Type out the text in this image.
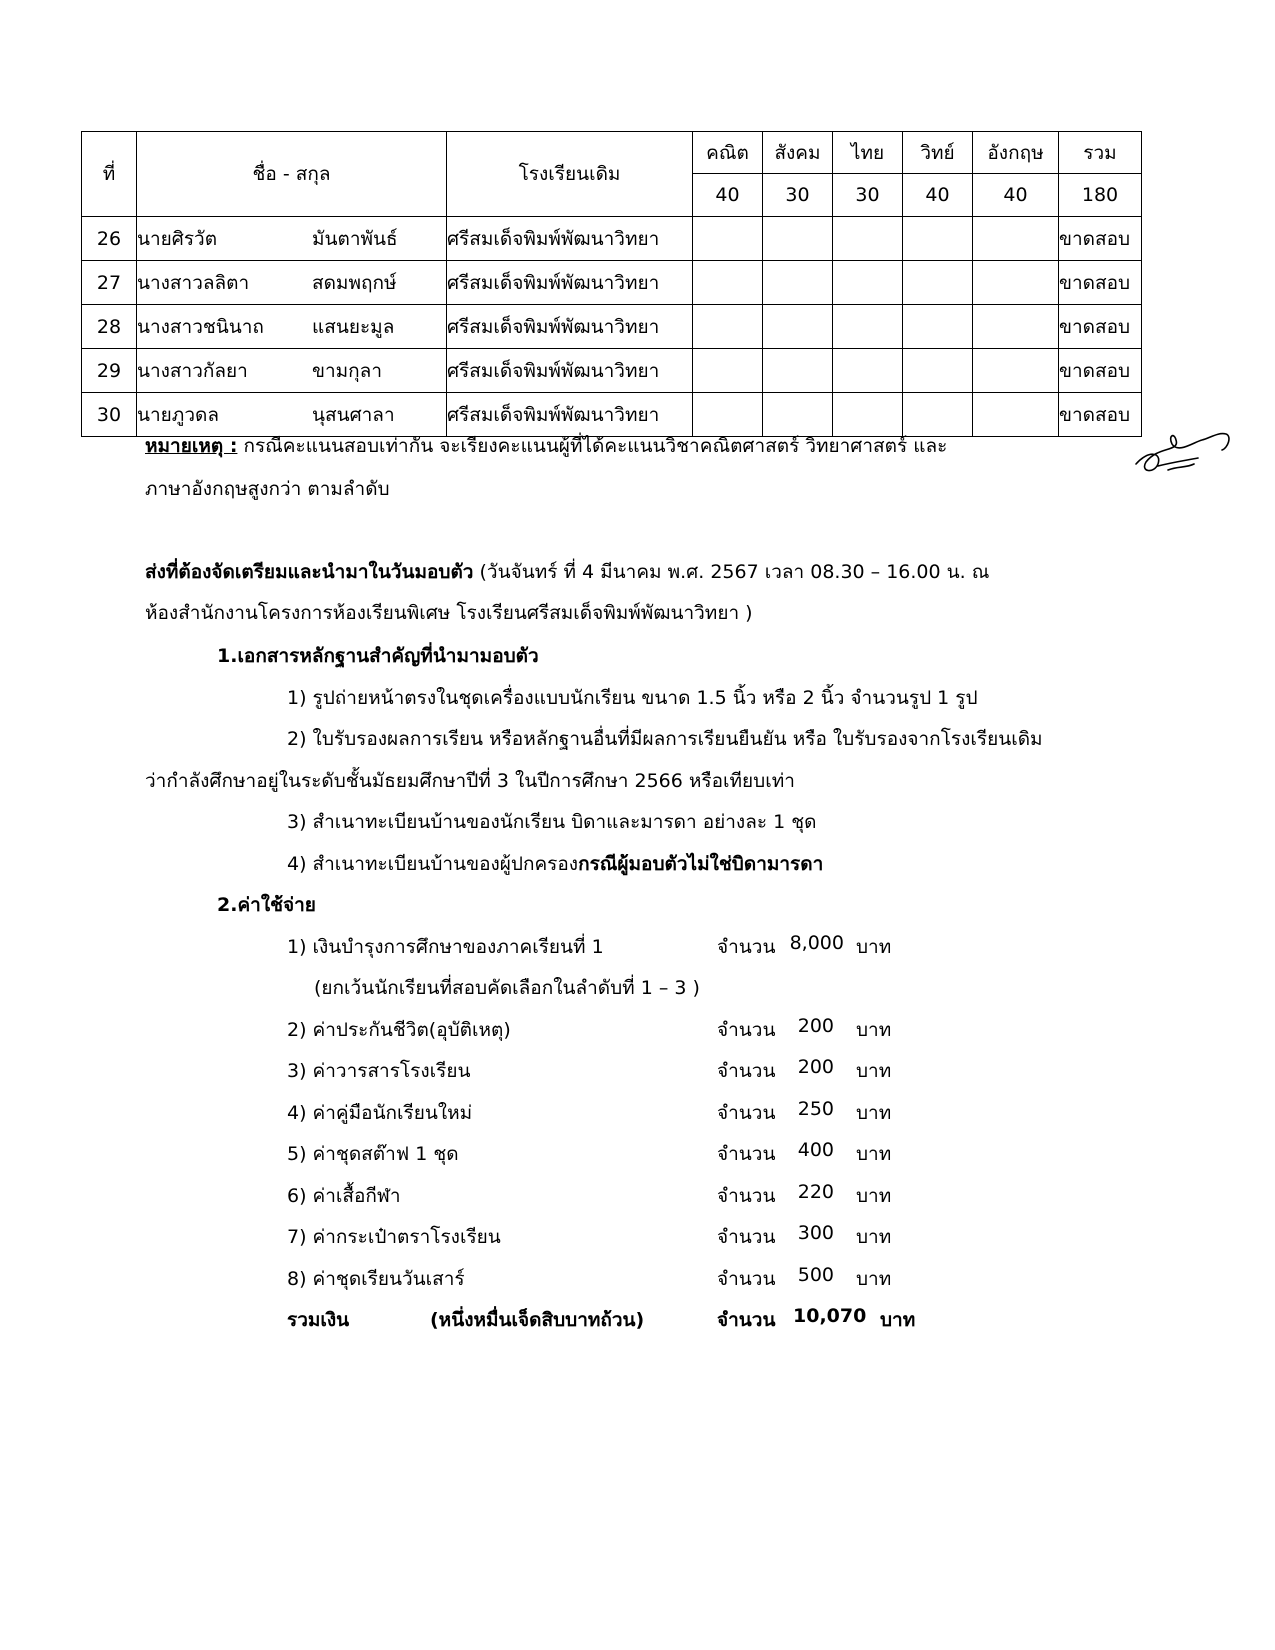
ที่	ชื่อ - สกุล	โรงเรียนเดิม	คณิต	สังคม	ไทย	วิทย์	อังกฤษ	รวม
			40	30	30	40	40	180
26	นายศิรวัต มันตาพันธ์	ศรีสมเด็จพิมพ์พัฒนาวิทยา						ขาดสอบ
27	นางสาวลลิตา สดมพฤกษ์	ศรีสมเด็จพิมพ์พัฒนาวิทยา						ขาดสอบ
28	นางสาวชนินาถ แสนยะมูล	ศรีสมเด็จพิมพ์พัฒนาวิทยา						ขาดสอบ
29	นางสาวกัลยา ขามกุลา	ศรีสมเด็จพิมพ์พัฒนาวิทยา						ขาดสอบ
30	นายภูวดล นุสนศาลา	ศรีสมเด็จพิมพ์พัฒนาวิทยา						ขาดสอบ
หมายเหตุ : กรณีคะแนนสอบเท่ากัน จะเรียงคะแนนผู้ที่ได้คะแนนวิชาคณิตศาสตร์ วิทยาศาสตร์ และ
ภาษาอังกฤษสูงกว่า ตามลำดับ
ส่งที่ต้องจัดเตรียมและนำมาในวันมอบตัว (วันจันทร์ ที่ 4 มีนาคม พ.ศ. 2567 เวลา 08.30 – 16.00 น. ณ
ห้องสำนักงานโครงการห้องเรียนพิเศษ โรงเรียนศรีสมเด็จพิมพ์พัฒนาวิทยา )
1.เอกสารหลักฐานสำคัญที่นำมามอบตัว
1) รูปถ่ายหน้าตรงในชุดเครื่องแบบนักเรียน ขนาด 1.5 นิ้ว หรือ 2 นิ้ว จำนวนรูป 1 รูป
2) ใบรับรองผลการเรียน หรือหลักฐานอื่นที่มีผลการเรียนยืนยัน หรือ ใบรับรองจากโรงเรียนเดิม
ว่ากำลังศึกษาอยู่ในระดับชั้นมัธยมศึกษาปีที่ 3 ในปีการศึกษา 2566 หรือเทียบเท่า
3) สำเนาทะเบียนบ้านของนักเรียน บิดาและมารดา อย่างละ 1 ชุด
4) สำเนาทะเบียนบ้านของผู้ปกครองกรณีผู้มอบตัวไม่ใช่บิดามารดา
2.ค่าใช้จ่าย
1) เงินบำรุงการศึกษาของภาคเรียนที่ 1	จำนวน 8,000 บาท
(ยกเว้นนักเรียนที่สอบคัดเลือกในลำดับที่ 1 – 3 )
2) ค่าประกันชีวิต(อุบัติเหตุ)	จำนวน	200 บาท
3) ค่าวารสารโรงเรียน	จำนวน	200 บาท
4) ค่าคู่มือนักเรียนใหม่	จำนวน	250 บาท
5) ค่าชุดสต๊าฟ 1 ชุด	จำนวน	400 บาท
6) ค่าเสื้อกีฬา	จำนวน	220 บาท
7) ค่ากระเป๋าตราโรงเรียน	จำนวน	300 บาท
8) ค่าชุดเรียนวันเสาร์	จำนวน	500 บาท
รวมเงิน	(หนึ่งหมื่นเจ็ดสิบบาทถ้วน)	จำนวน 10,070 บาท
